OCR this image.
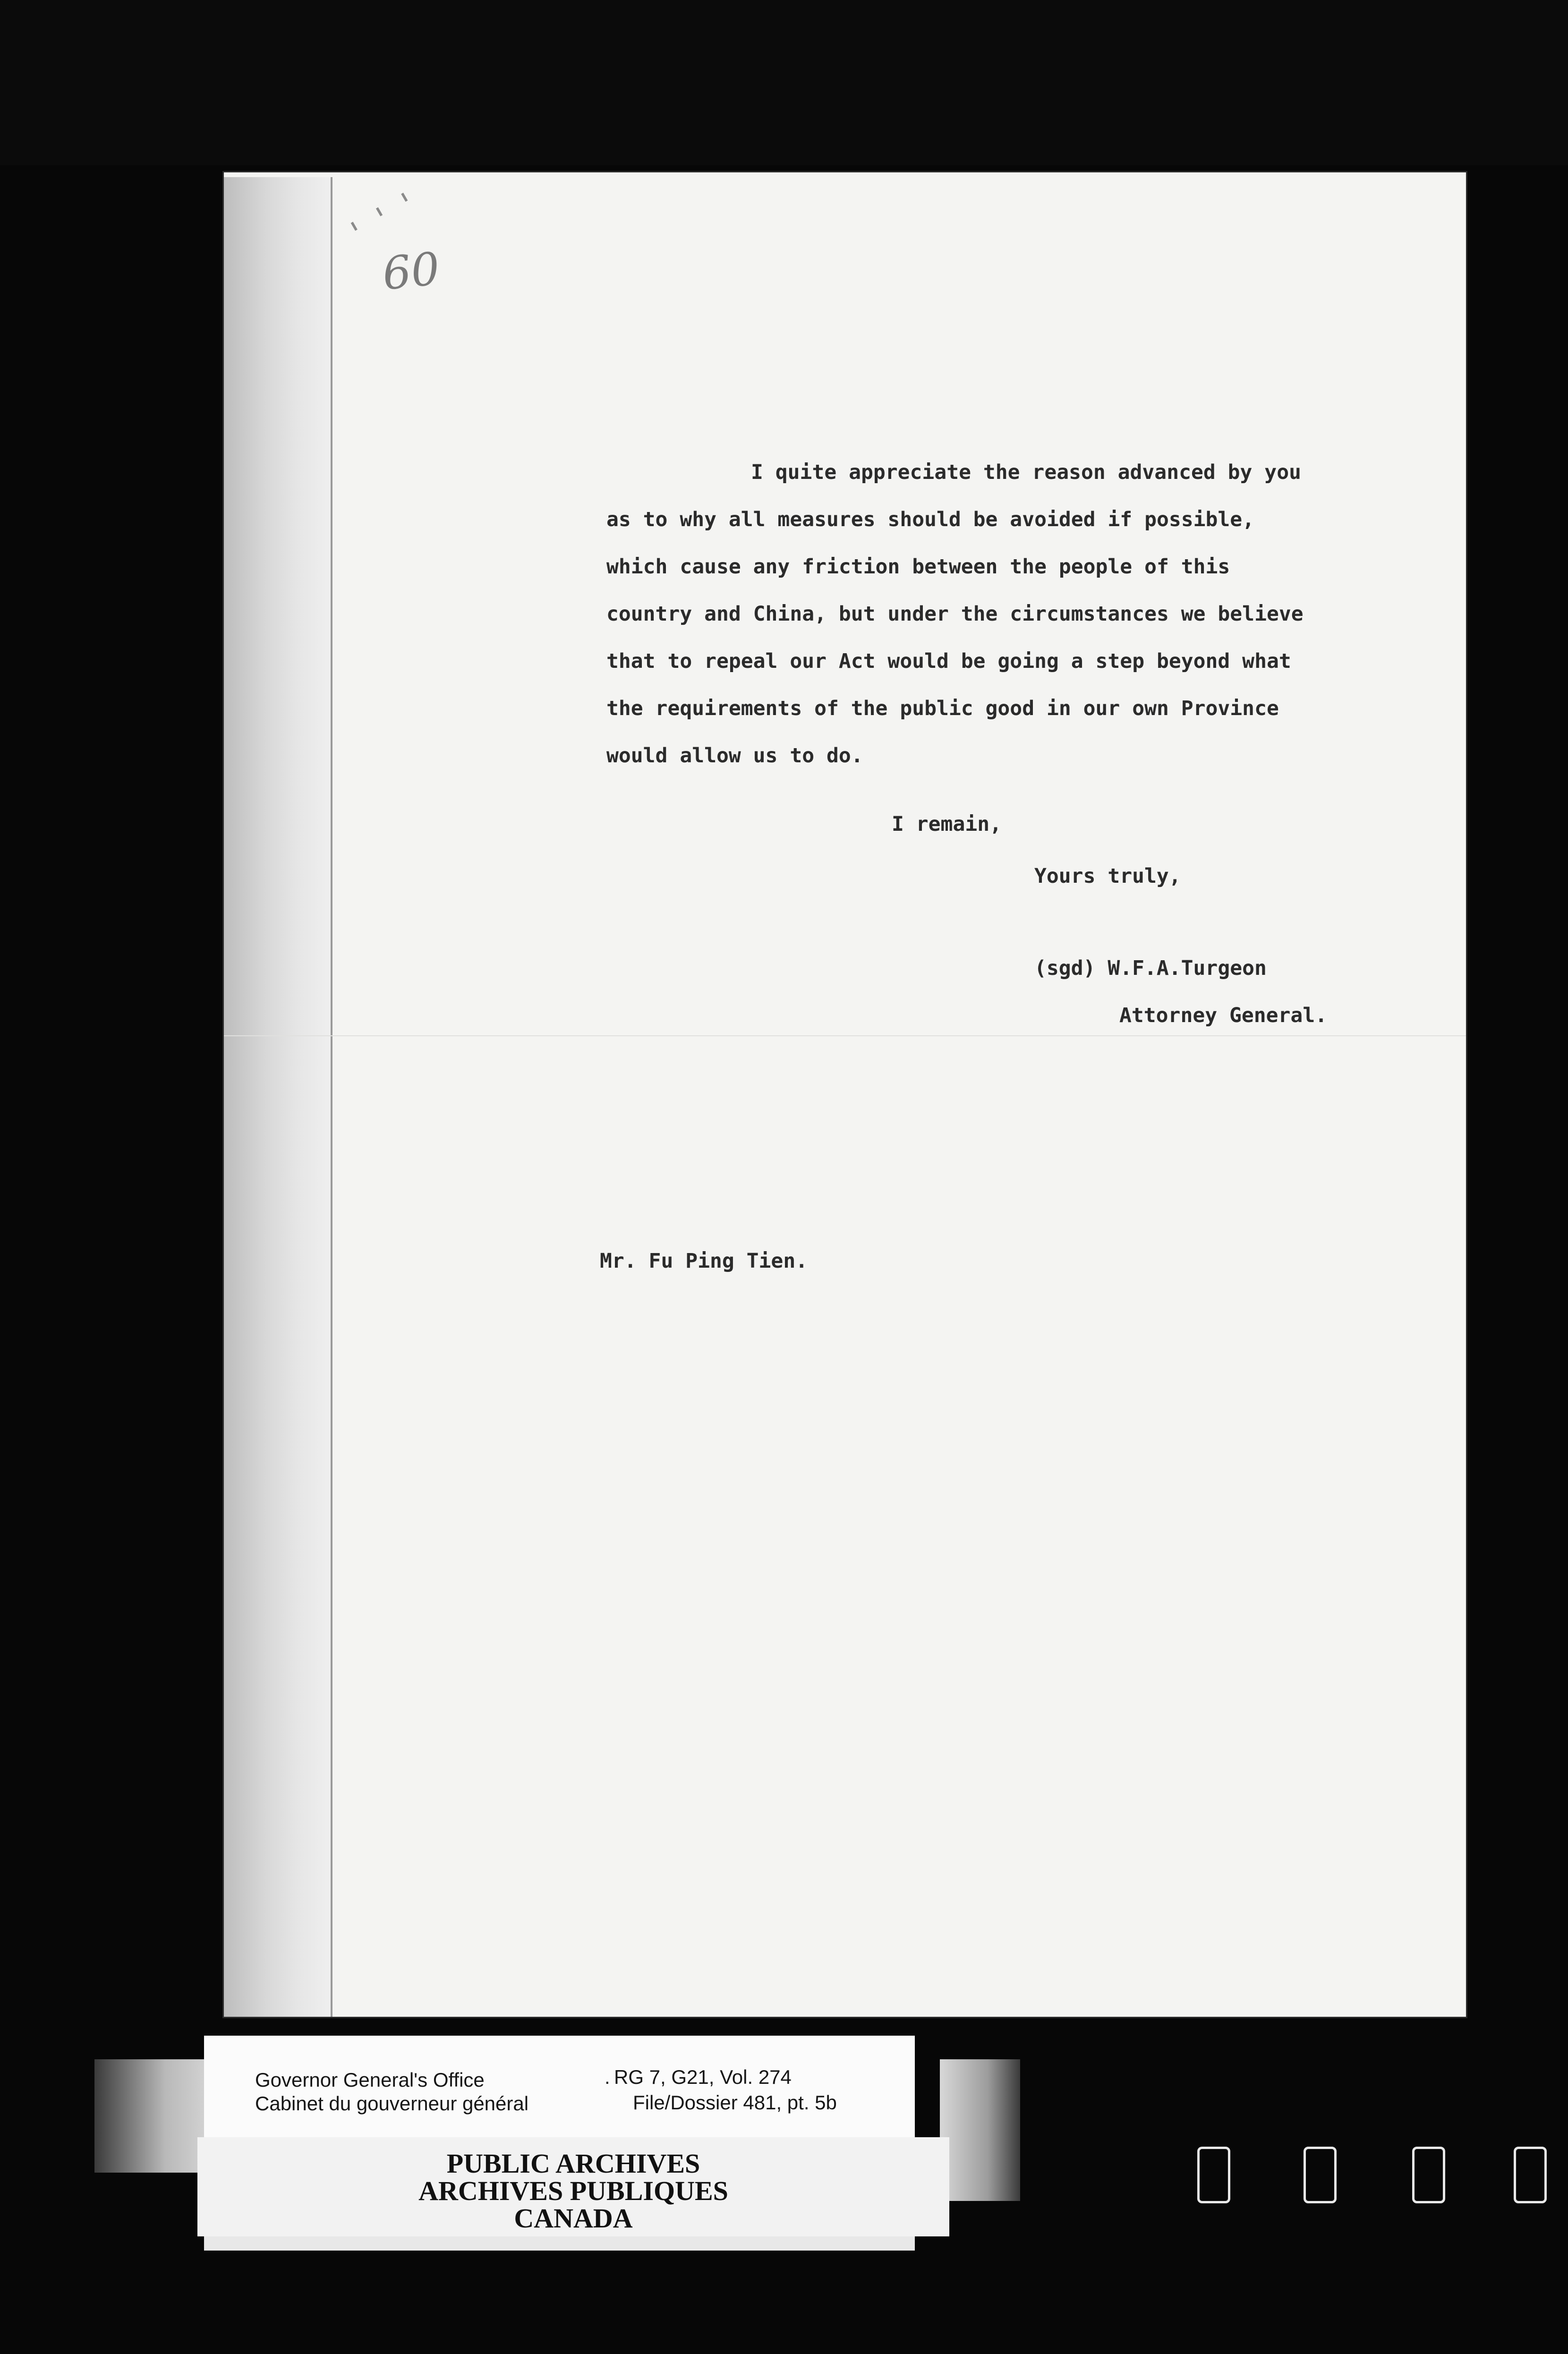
' ' '
60
I quite appreciate the reason advanced by you
as to why all measures should be avoided if possible,
which cause any friction between the people of this
country and China, but under the circumstances we believe
that to repeal our Act would be going a step beyond what
the requirements of the public good in our own Province
would allow us to do.
I remain,
Yours truly,
(sgd) W.F.A.Turgeon
Attorney General.
Mr. Fu Ping Tien.
Governor General's Office
Cabinet du gouverneur général
. RG 7, G21, Vol. 274
File/Dossier 481, pt. 5b
PUBLIC ARCHIVES
ARCHIVES PUBLIQUES
CANADA
